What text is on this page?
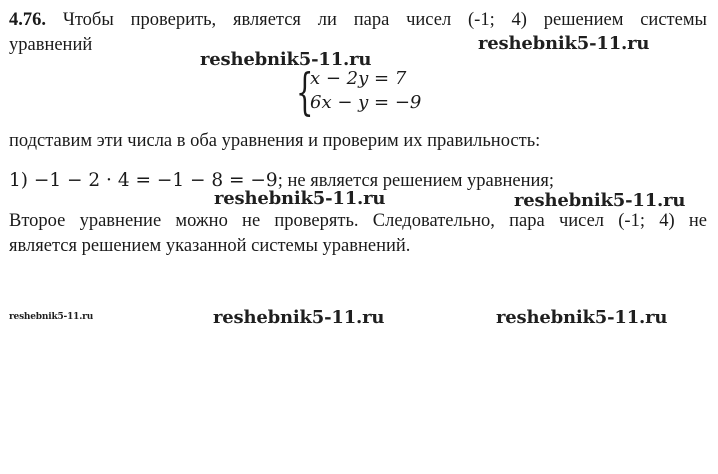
4.76. Чтобы проверить, является ли пара чисел (-1; 4) решением системы
уравнений
{
x − 2y = 7
6x − y = −9
подставим эти числа в оба уравнения и проверим их правильность:
1) −1 − 2 · 4 = −1 − 8 = −9; не является решением уравнения;
Второе уравнение можно не проверять. Следовательно, пара чисел (-1; 4) не
является решением указанной системы уравнений.
reshebnik5-11.ru
reshebnik5-11.ru
reshebnik5-11.ru	reshebnik5-11.ru
reshebnik5-11.ru	reshebnik5-11.ru	reshebnik5-11.ru
